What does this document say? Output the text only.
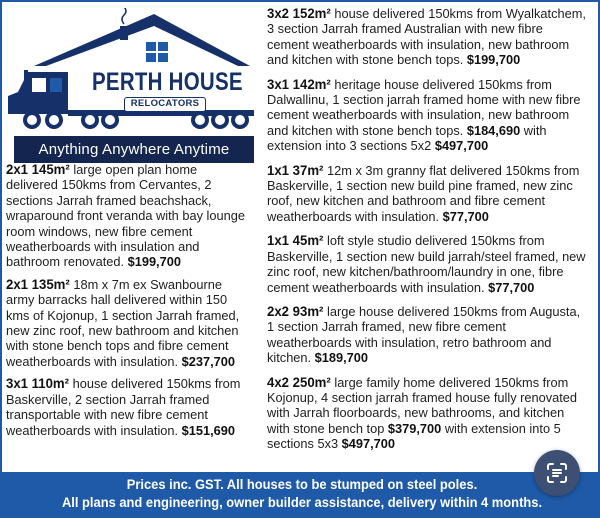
PERTH HOUSE
RELOCATORS
Anything Anywhere Anytime

2x1 145m² large open plan home delivered 150kms from Cervantes, 2 sections Jarrah framed beachshack, wraparound front veranda with bay lounge room windows, new fibre cement weatherboards with insulation and bathroom renovated. $199,700

2x1 135m² 18m x 7m ex Swanbourne army barracks hall delivered within 150 kms of Kojonup, 1 section Jarrah framed, new zinc roof, new bathroom and kitchen with stone bench tops and fibre cement weatherboards with insulation. $237,700

3x1 110m² house delivered 150kms from Baskerville, 2 section Jarrah framed transportable with new fibre cement weatherboards with insulation. $151,690

3x2 152m² house delivered 150kms from Wyalkatchem, 3 section Jarrah framed Australian with new fibre cement weatherboards with insulation, new bathroom and kitchen with stone bench tops. $199,700

3x1 142m² heritage house delivered 150kms from Dalwallinu, 1 section jarrah framed home with new fibre cement weatherboards with insulation, new bathroom and kitchen with stone bench tops. $184,690 with extension into 3 sections 5x2 $497,700

1x1 37m² 12m x 3m granny flat delivered 150kms from Baskerville, 1 section new build pine framed, new zinc roof, new kitchen and bathroom and fibre cement weatherboards with insulation. $77,700

1x1 45m² loft style studio delivered 150kms from Baskerville, 1 section new build jarrah/steel framed, new zinc roof, new kitchen/bathroom/laundry in one, fibre cement weatherboards with insulation. $77,700

2x2 93m² large house delivered 150kms from Augusta, 1 section Jarrah framed, new fibre cement weatherboards with insulation, retro bathroom and kitchen. $189,700

4x2 250m² large family home delivered 150kms from Kojonup, 4 section jarrah framed house fully renovated with Jarrah floorboards, new bathrooms, and kitchen with stone bench top $379,700 with extension into 5 sections 5x3 $497,700

Prices inc. GST. All houses to be stumped on steel poles.
All plans and engineering, owner builder assistance, delivery within 4 months.
